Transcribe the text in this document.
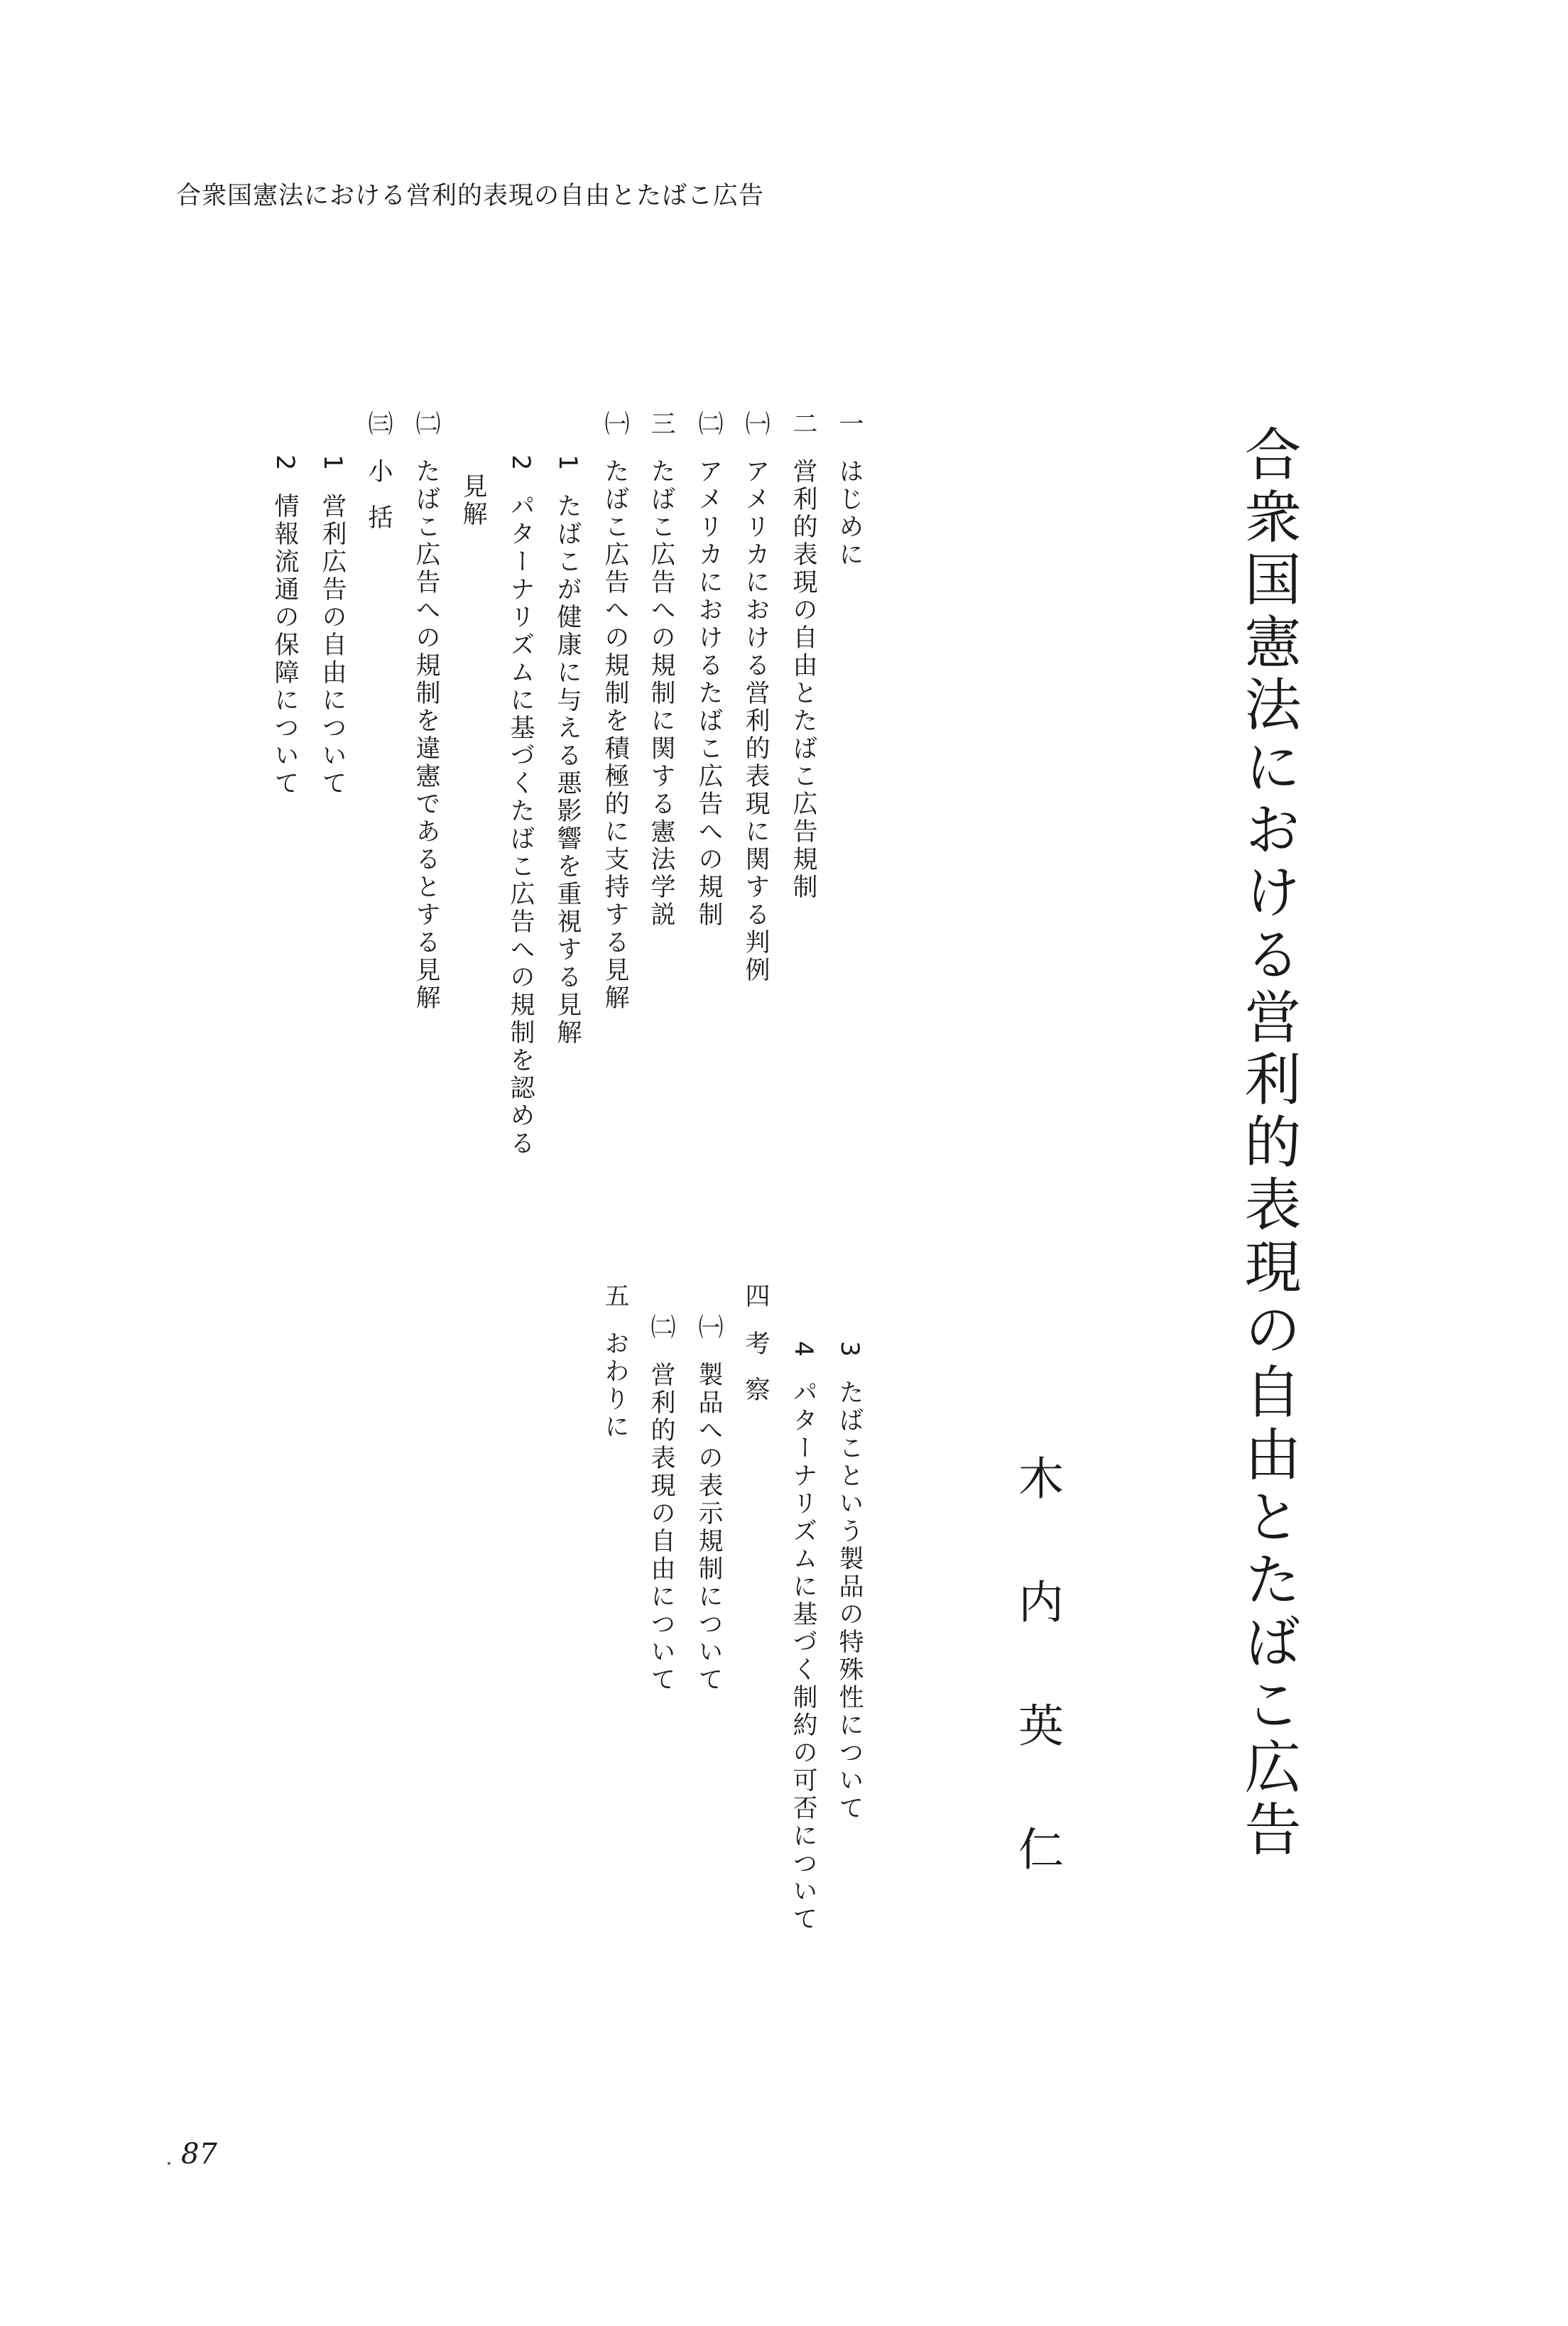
合衆国憲法における営利的表現の自由とたばこ広告
合衆国憲法における営利的表現の自由とたばこ広告
木内英仁
一はじめに
二営利的表現の自由とたばこ広告規制
㈠アメリカにおける営利的表現に関する判例
㈡アメリカにおけるたばこ広告への規制
三たばこ広告への規制に関する憲法学説
㈠たばこ広告への規制を積極的に支持する見解
1たばこが健康に与える悪影響を重視する見解
2パターナリズムに基づくたばこ広告への規制を認める
見解
㈡たばこ広告への規制を違憲であるとする見解
㈢小括
1営利広告の自由について
2情報流通の保障について
3たばこという製品の特殊性について
4パターナリズムに基づく制約の可否について
四考察
㈠製品への表示規制について
㈡営利的表現の自由について
五おわりに
87
